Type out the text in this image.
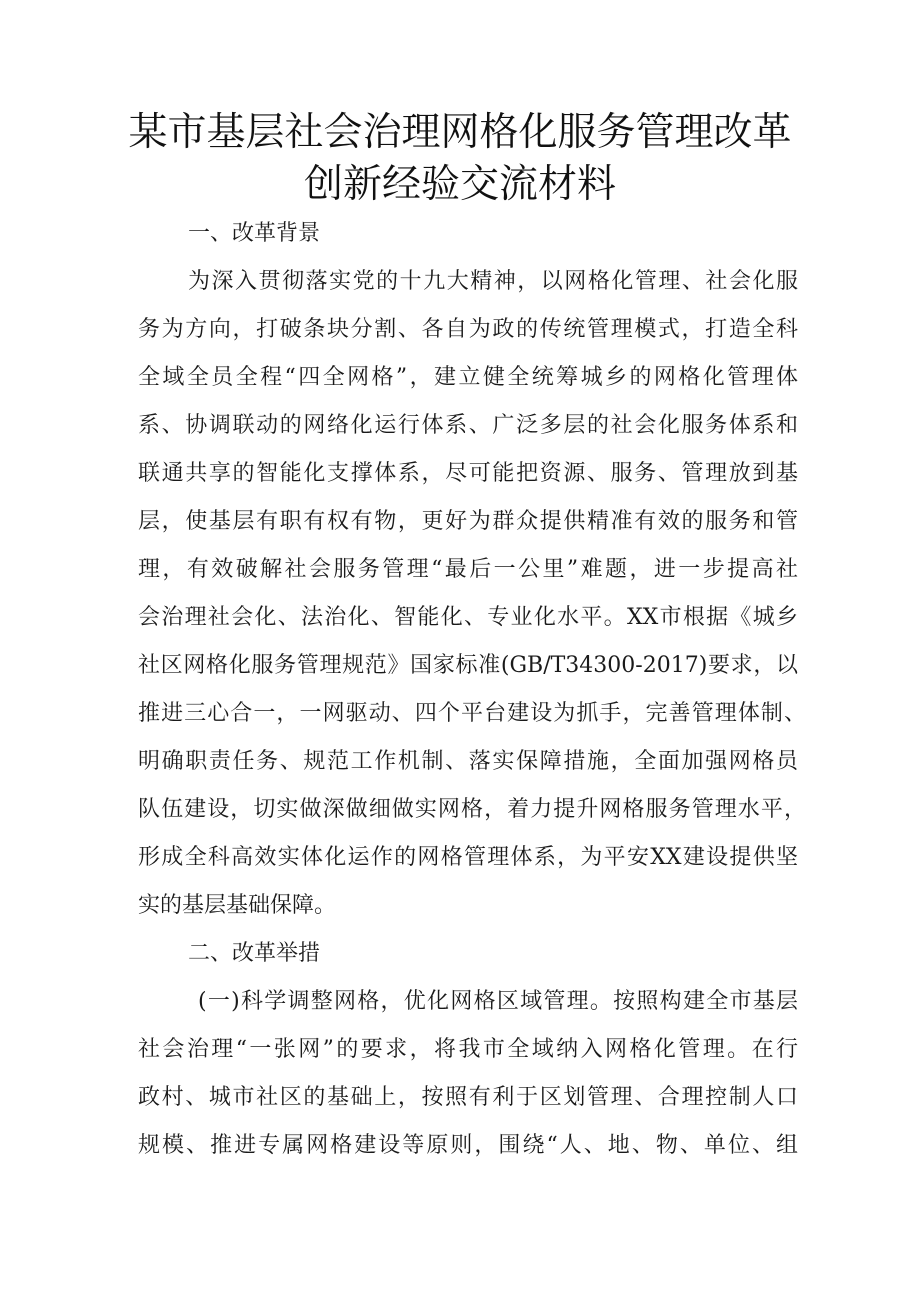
某市基层社会治理网格化服务管理改革
创新经验交流材料
一、改革背景
为深入贯彻落实党的十九大精神，以网格化管理、社会化服
务为方向，打破条块分割、各自为政的传统管理模式，打造全科
全域全员全程“四全网格”，建立健全统筹城乡的网格化管理体
系、协调联动的网络化运行体系、广泛多层的社会化服务体系和
联通共享的智能化支撑体系，尽可能把资源、服务、管理放到基
层，使基层有职有权有物，更好为群众提供精准有效的服务和管
理，有效破解社会服务管理“最后一公里”难题，进一步提高社
会治理社会化、法治化、智能化、专业化水平。XX市根据《城乡
社区网格化服务管理规范》国家标准(GB/T34300-2017)要求，以
推进三心合一，一网驱动、四个平台建设为抓手，完善管理体制、
明确职责任务、规范工作机制、落实保障措施，全面加强网格员
队伍建设，切实做深做细做实网格，着力提升网格服务管理水平，
形成全科高效实体化运作的网格管理体系，为平安XX建设提供坚
实的基层基础保障。
二、改革举措
(一)科学调整网格，优化网格区域管理。按照构建全市基层
社会治理“一张网”的要求，将我市全域纳入网格化管理。在行
政村、城市社区的基础上，按照有利于区划管理、合理控制人口
规模、推进专属网格建设等原则，围绕“人、地、物、单位、组
